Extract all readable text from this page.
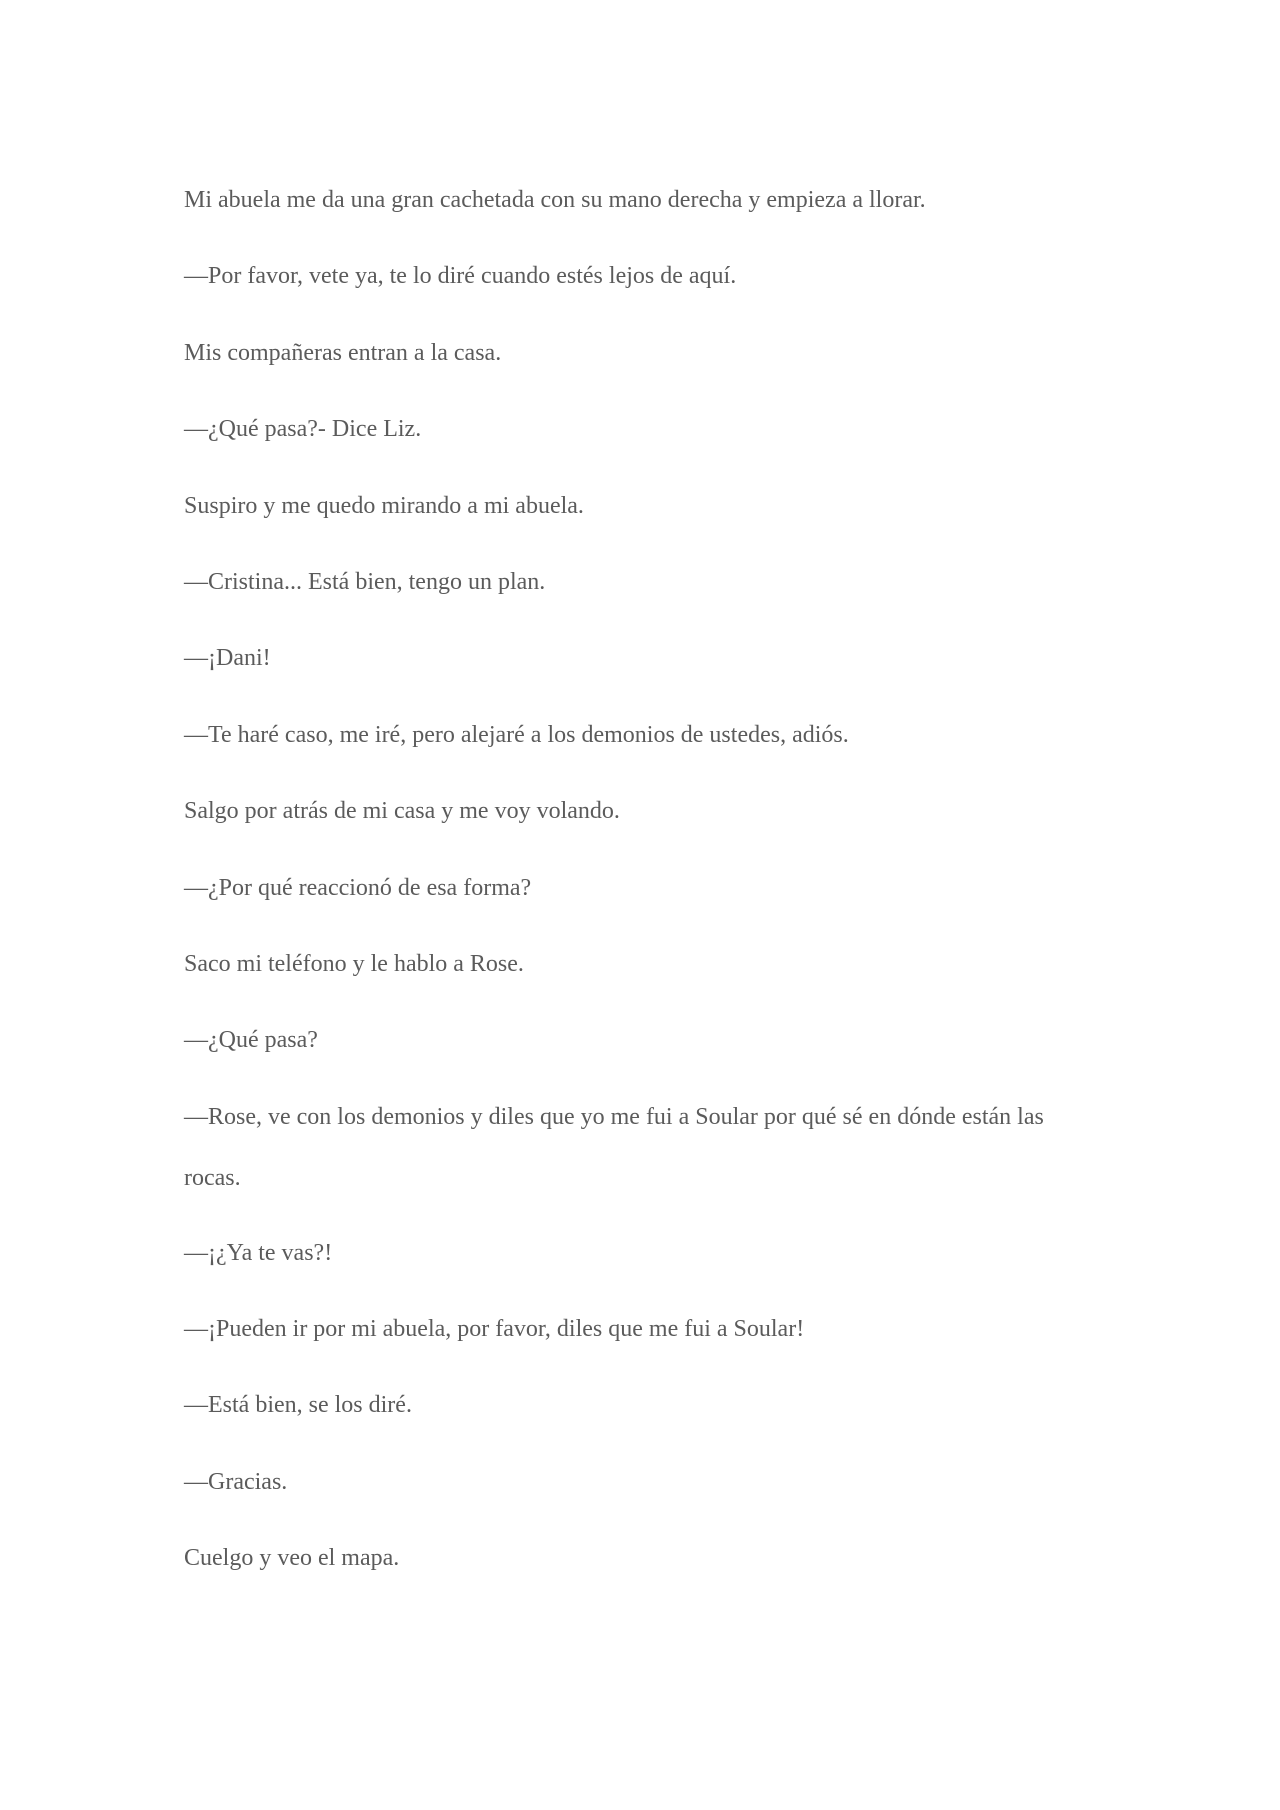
Mi abuela me da una gran cachetada con su mano derecha y empieza a llorar.

—Por favor, vete ya, te lo diré cuando estés lejos de aquí.

Mis compañeras entran a la casa.

—¿Qué pasa?- Dice Liz.

Suspiro y me quedo mirando a mi abuela.

—Cristina... Está bien, tengo un plan.

—¡Dani!

—Te haré caso, me iré, pero alejaré a los demonios de ustedes, adiós.

Salgo por atrás de mi casa y me voy volando.

—¿Por qué reaccionó de esa forma?

Saco mi teléfono y le hablo a Rose.

—¿Qué pasa?

—Rose, ve con los demonios y diles que yo me fui a Soular por qué sé en dónde están las rocas.

—¡¿Ya te vas?!

—¡Pueden ir por mi abuela, por favor, diles que me fui a Soular!

—Está bien, se los diré.

—Gracias.

Cuelgo y veo el mapa.
